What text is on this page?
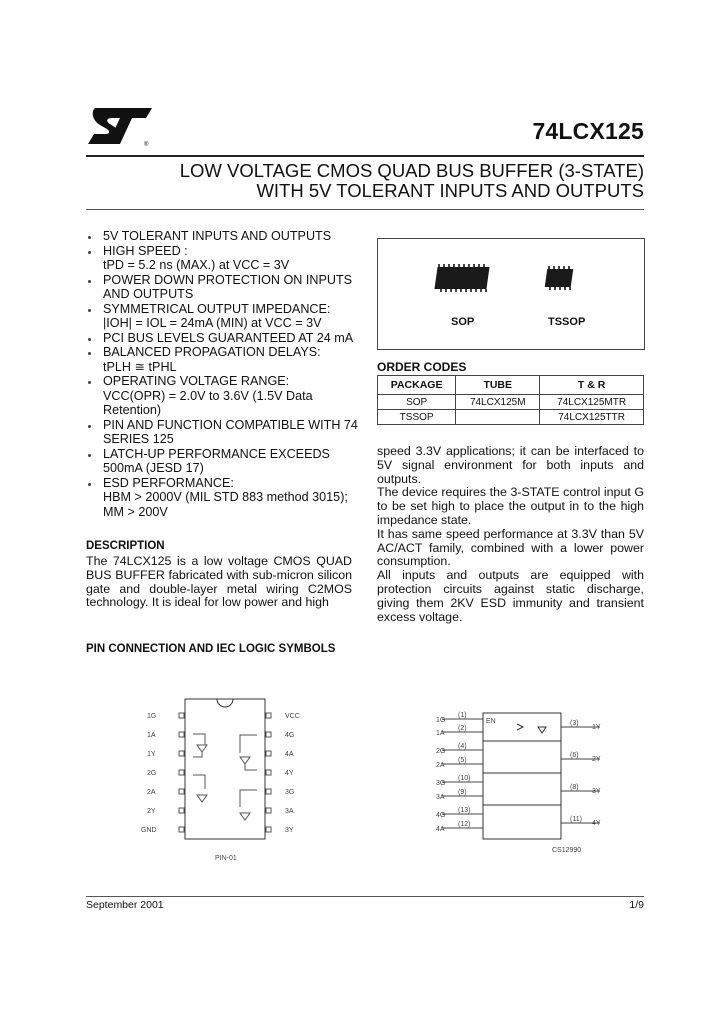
®
74LCX125
LOW VOLTAGE CMOS QUAD BUS BUFFER (3-STATE)
WITH 5V TOLERANT INPUTS AND OUTPUTS
5V TOLERANT INPUTS AND OUTPUTS
HIGH SPEED :
tPD = 5.2 ns (MAX.) at VCC = 3V
POWER DOWN PROTECTION ON INPUTS AND OUTPUTS
SYMMETRICAL OUTPUT IMPEDANCE:
|IOH| = IOL = 24mA (MIN) at VCC = 3V
PCI BUS LEVELS GUARANTEED AT 24 mA
BALANCED PROPAGATION DELAYS:
tPLH ≅ tPHL
OPERATING VOLTAGE RANGE:
VCC(OPR) = 2.0V to 3.6V (1.5V Data Retention)
PIN AND FUNCTION COMPATIBLE WITH 74 SERIES 125
LATCH-UP PERFORMANCE EXCEEDS
500mA (JESD 17)
ESD PERFORMANCE:
HBM > 2000V (MIL STD 883 method 3015); MM > 200V
DESCRIPTION
The 74LCX125 is a low voltage CMOS QUAD BUS BUFFER fabricated with sub-micron silicon gate and double-layer metal wiring C2MOS technology. It is ideal for low power and high
SOP	TSSOP
ORDER CODES
PACKAGE	TUBE	T & R
SOP	74LCX125M	74LCX125MTR
TSSOP		74LCX125TTR
speed 3.3V applications; it can be interfaced to 5V signal environment for both inputs and outputs.
The device requires the 3-STATE control input G to be set high to place the output in to the high impedance state.
It has same speed performance at 3.3V than 5V AC/ACT family, combined with a lower power consumption.
All inputs and outputs are equipped with protection circuits against static discharge, giving them 2KV ESD immunity and transient excess voltage.
PIN CONNECTION AND IEC LOGIC SYMBOLS
1G
1A
1Y
2G
2A
2Y
GND
VCC
4G
4A
4Y
3G
3A
3Y
PIN-01
1G
1A
2G
2A
3G
3A
4G
4A
(1)
(2)
(4)
(5)
(10)
(9)
(13)
(12)
EN	(3)
(6)
(8)
(11)
1Y
2Y
3Y
4Y
CS12990
September 2001	1/9
